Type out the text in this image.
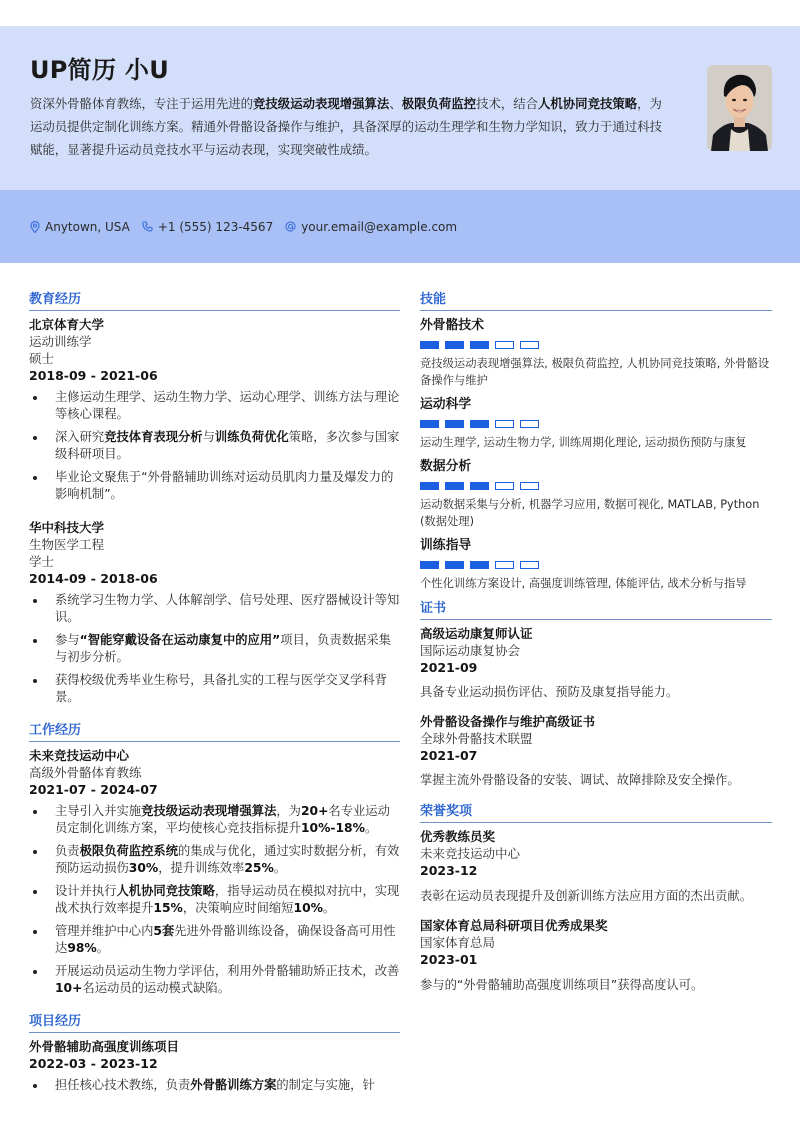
UP简历 小U

资深外骨骼体育教练，专注于运用先进的竞技级运动表现增强算法、极限负荷监控技术，结合人机协同竞技策略，为运动员提供定制化训练方案。精通外骨骼设备操作与维护，具备深厚的运动生理学和生物力学知识，致力于通过科技赋能，显著提升运动员竞技水平与运动表现，实现突破性成绩。

Anytown, USA +1 (555) 123-4567 your.email@example.com
教育经历
北京体育大学
运动训练学
硕士
2018-09 - 2021-06
主修运动生理学、运动生物力学、运动心理学、训练方法与理论等核心课程。
深入研究竞技体育表现分析与训练负荷优化策略，多次参与国家级科研项目。
毕业论文聚焦于“外骨骼辅助训练对运动员肌肉力量及爆发力的影响机制”。
华中科技大学
生物医学工程
学士
2014-09 - 2018-06
系统学习生物力学、人体解剖学、信号处理、医疗器械设计等知识。
参与“智能穿戴设备在运动康复中的应用”项目，负责数据采集与初步分析。
获得校级优秀毕业生称号，具备扎实的工程与医学交叉学科背景。
工作经历
未来竞技运动中心
高级外骨骼体育教练
2021-07 - 2024-07
主导引入并实施竞技级运动表现增强算法，为20+名专业运动员定制化训练方案，平均使核心竞技指标提升10%-18%。
负责极限负荷监控系统的集成与优化，通过实时数据分析，有效预防运动损伤30%，提升训练效率25%。
设计并执行人机协同竞技策略，指导运动员在模拟对抗中，实现战术执行效率提升15%，决策响应时间缩短10%。
管理并维护中心内5套先进外骨骼训练设备，确保设备高可用性达98%。
开展运动员运动生物力学评估，利用外骨骼辅助矫正技术，改善10+名运动员的运动模式缺陷。
项目经历
外骨骼辅助高强度训练项目
2022-03 - 2023-12
担任核心技术教练，负责外骨骼训练方案的制定与实施，针
技能
外骨骼技术
竞技级运动表现增强算法, 极限负荷监控, 人机协同竞技策略, 外骨骼设备操作与维护
运动科学
运动生理学, 运动生物力学, 训练周期化理论, 运动损伤预防与康复
数据分析
运动数据采集与分析, 机器学习应用, 数据可视化, MATLAB, Python (数据处理)
训练指导
个性化训练方案设计, 高强度训练管理, 体能评估, 战术分析与指导
证书
高级运动康复师认证
国际运动康复协会
2021-09
具备专业运动损伤评估、预防及康复指导能力。
外骨骼设备操作与维护高级证书
全球外骨骼技术联盟
2021-07
掌握主流外骨骼设备的安装、调试、故障排除及安全操作。
荣誉奖项
优秀教练员奖
未来竞技运动中心
2023-12
表彰在运动员表现提升及创新训练方法应用方面的杰出贡献。
国家体育总局科研项目优秀成果奖
国家体育总局
2023-01
参与的“外骨骼辅助高强度训练项目”获得高度认可。
